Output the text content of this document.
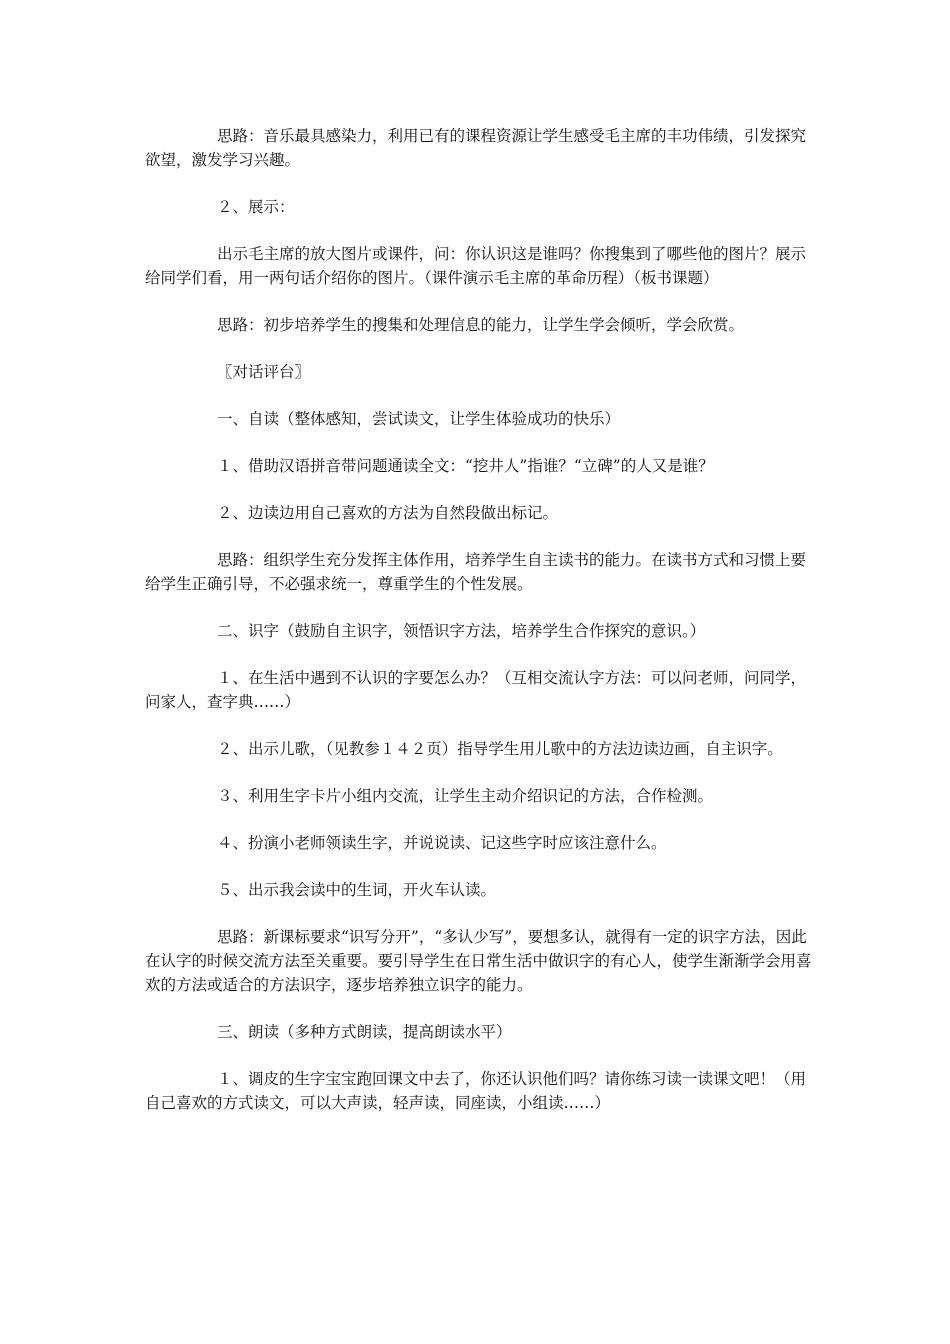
思路：音乐最具感染力，利用已有的课程资源让学生感受毛主席的丰功伟绩，引发探究欲望，激发学习兴趣。

２、展示：

出示毛主席的放大图片或课件，问：你认识这是谁吗？你搜集到了哪些他的图片？展示给同学们看，用一两句话介绍你的图片。（课件演示毛主席的革命历程）（板书课题）

思路：初步培养学生的搜集和处理信息的能力，让学生学会倾听，学会欣赏。

〖对话评台〗

一、自读（整体感知，尝试读文，让学生体验成功的快乐）

１、借助汉语拼音带问题通读全文：“挖井人”指谁？“立碑”的人又是谁？

２、边读边用自己喜欢的方法为自然段做出标记。

思路：组织学生充分发挥主体作用，培养学生自主读书的能力。在读书方式和习惯上要给学生正确引导，不必强求统一，尊重学生的个性发展。

二、识字（鼓励自主识字，领悟识字方法，培养学生合作探究的意识。）

１、在生活中遇到不认识的字要怎么办？（互相交流认字方法：可以问老师，问同学，问家人，查字典……）

２、出示儿歌，（见教参１４２页）指导学生用儿歌中的方法边读边画，自主识字。

３、利用生字卡片小组内交流，让学生主动介绍识记的方法，合作检测。

４、扮演小老师领读生字，并说说读、记这些字时应该注意什么。

５、出示我会读中的生词，开火车认读。

思路：新课标要求“识写分开”，“多认少写”，要想多认，就得有一定的识字方法，因此在认字的时候交流方法至关重要。要引导学生在日常生活中做识字的有心人，使学生渐渐学会用喜欢的方法或适合的方法识字，逐步培养独立识字的能力。

三、朗读（多种方式朗读，提高朗读水平）

１、调皮的生字宝宝跑回课文中去了，你还认识他们吗？请你练习读一读课文吧！（用自己喜欢的方式读文，可以大声读，轻声读，同座读，小组读……）
